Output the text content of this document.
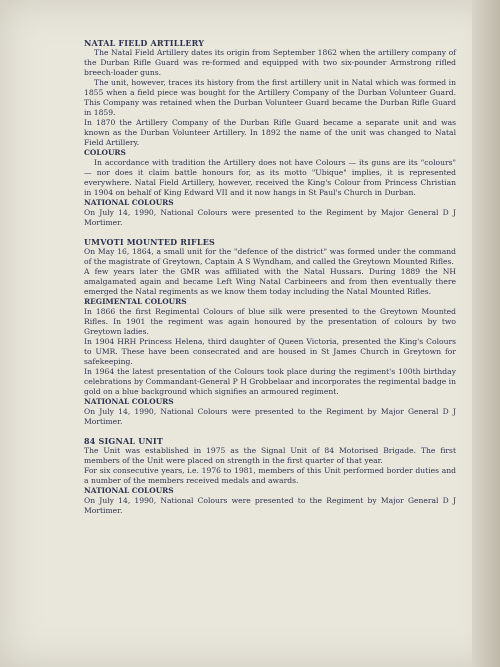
NATAL FIELD ARTILLERY

The Natal Field Artillery dates its origin from September 1862 when the artillery company of the Durban Rifle Guard was re-formed and equipped with two six-pounder Armstrong rifled breech-loader guns.

The unit, however, traces its history from the first artillery unit in Natal which was formed in 1855 when a field piece was bought for the Artillery Company of the Durban Volunteer Guard. This Company was retained when the Durban Volunteer Guard became the Durban Rifle Guard in 1859.

In 1870 the Artillery Company of the Durban Rifle Guard became a separate unit and was known as the Durban Volunteer Artillery. In 1892 the name of the unit was changed to Natal Field Artillery.

COLOURS

In accordance with tradition the Artillery does not have Colours — its guns are its "colours" — nor does it claim battle honours for, as its motto "Ubique" implies, it is represented everywhere. Natal Field Artillery, however, received the King's Colour from Princess Christian in 1904 on behalf of King Edward VII and it now hangs in St Paul's Church in Durban.

NATIONAL COLOURS

On July 14, 1990, National Colours were presented to the Regiment by Major General D J Mortimer.

UMVOTI MOUNTED RIFLES

On May 16, 1864, a small unit for the "defence of the district" was formed under the command of the magistrate of Greytown, Captain A S Wyndham, and called the Greytown Mounted Rifles.

A few years later the GMR was affiliated with the Natal Hussars. During 1889 the NH amalgamated again and became Left Wing Natal Carbineers and from then eventually there emerged the Natal regiments as we know them today including the Natal Mounted Rifles.

REGIMENTAL COLOURS

In 1866 the first Regimental Colours of blue silk were presented to the Greytown Mounted Rifles. In 1901 the regiment was again honoured by the presentation of colours by two Greytown ladies.

In 1904 HRH Princess Helena, third daughter of Queen Victoria, presented the King's Colours to UMR. These have been consecrated and are housed in St James Church in Greytown for safekeeping.

In 1964 the latest presentation of the Colours took place during the regiment's 100th birthday celebrations by Commandant-General P H Grobbelaar and incorporates the regimental badge in gold on a blue background which signifies an armoured regiment.

NATIONAL COLOURS

On July 14, 1990, National Colours were presented to the Regiment by Major General D J Mortimer.

84 SIGNAL UNIT

The Unit was established in 1975 as the Signal Unit of 84 Motorised Brigade. The first members of the Unit were placed on strength in the first quarter of that year.

For six consecutive years, i.e. 1976 to 1981, members of this Unit performed border duties and a number of the members received medals and awards.

NATIONAL COLOURS

On July 14, 1990, National Colours were presented to the Regiment by Major General D J Mortimer.
